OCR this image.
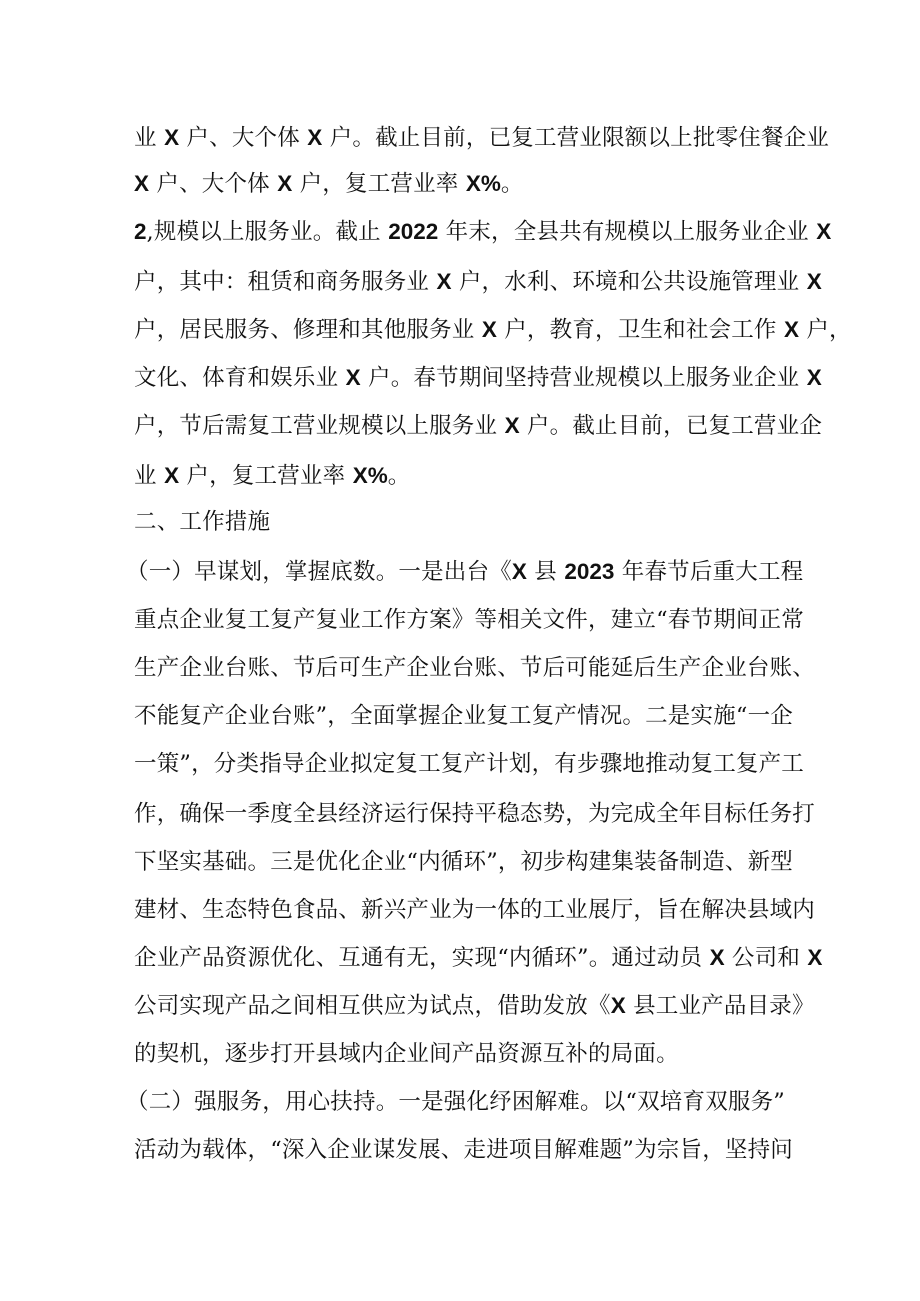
业 X 户、大个体 X 户。截止目前，已复工营业限额以上批零住餐企业
X 户、大个体 X 户，复工营业率 X%。
2,规模以上服务业。截止 2022 年末，全县共有规模以上服务业企业 X
户，其中：租赁和商务服务业 X 户，水利、环境和公共设施管理业 X
户，居民服务、修理和其他服务业 X 户，教育，卫生和社会工作 X 户，
文化、体育和娱乐业 X 户。春节期间坚持营业规模以上服务业企业 X
户，节后需复工营业规模以上服务业 X 户。截止目前，已复工营业企
业 X 户，复工营业率 X%。
二、工作措施
（一）早谋划，掌握底数。一是出台《X 县 2023 年春节后重大工程
重点企业复工复产复业工作方案》等相关文件，建立“春节期间正常
生产企业台账、节后可生产企业台账、节后可能延后生产企业台账、
不能复产企业台账”，全面掌握企业复工复产情况。二是实施“一企
一策”，分类指导企业拟定复工复产计划，有步骤地推动复工复产工
作，确保一季度全县经济运行保持平稳态势，为完成全年目标任务打
下坚实基础。三是优化企业“内循环”，初步构建集装备制造、新型
建材、生态特色食品、新兴产业为一体的工业展厅，旨在解决县域内
企业产品资源优化、互通有无，实现“内循环”。通过动员 X 公司和 X
公司实现产品之间相互供应为试点，借助发放《X 县工业产品目录》
的契机，逐步打开县域内企业间产品资源互补的局面。
（二）强服务，用心扶持。一是强化纾困解难。以“双培育双服务”
活动为载体，“深入企业谋发展、走进项目解难题”为宗旨，坚持问
